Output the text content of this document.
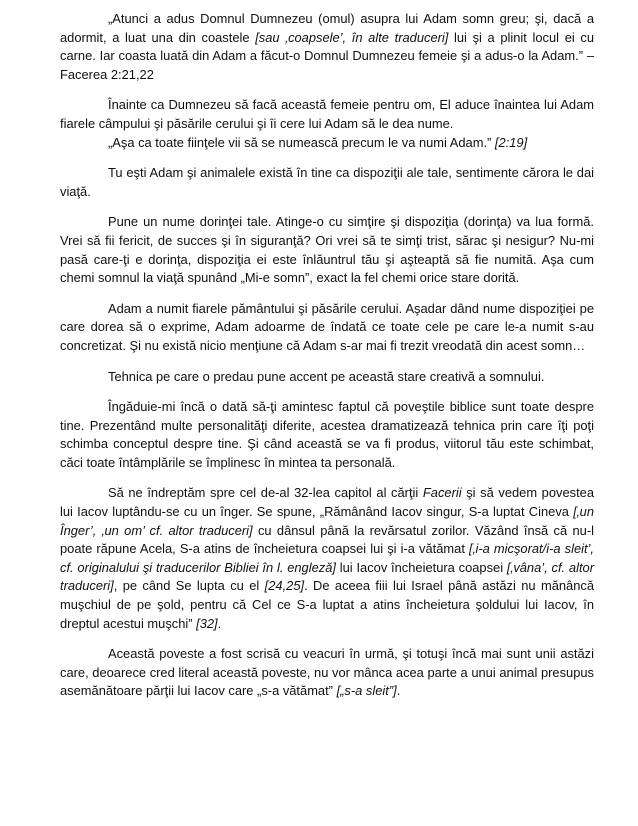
„Atunci a adus Domnul Dumnezeu (omul) asupra lui Adam somn greu; şi, dacă a adormit, a luat una din coastele [sau ‚coapsele’, în alte traduceri] lui şi a plinit locul ei cu carne. Iar coasta luată din Adam a făcut-o Domnul Dumnezeu femeie şi a adus-o la Adam.” – Facerea 2:21,22

Înainte ca Dumnezeu să facă această femeie pentru om, El aduce înaintea lui Adam fiarele câmpului şi păsările cerului şi îi cere lui Adam să le dea nume.

„Aşa ca toate fiinţele vii să se numească precum le va numi Adam.” [2:19]

Tu eşti Adam şi animalele există în tine ca dispoziţii ale tale, sentimente cărora le dai viaţă.

Pune un nume dorinţei tale. Atinge-o cu simţire şi dispoziţia (dorinţa) va lua formă. Vrei să fii fericit, de succes şi în siguranţă? Ori vrei să te simţi trist, sărac şi nesigur? Nu-mi pasă care-ţi e dorinţa, dispoziţia ei este înlăuntrul tău şi aşteaptă să fie numită. Aşa cum chemi somnul la viaţă spunând „Mi-e somn”, exact la fel chemi orice stare dorită.

Adam a numit fiarele pământului şi păsările cerului. Aşadar dând nume dispoziţiei pe care dorea să o exprime, Adam adoarme de îndată ce toate cele pe care le-a numit s-au concretizat. Şi nu există nicio menţiune că Adam s-ar mai fi trezit vreodată din acest somn…

Tehnica pe care o predau pune accent pe această stare creativă a somnului.

Îngăduie-mi încă o dată să-ţi amintesc faptul că poveştile biblice sunt toate despre tine. Prezentând multe personalităţi diferite, acestea dramatizează tehnica prin care îţi poţi schimba conceptul despre tine. Şi când această se va fi produs, viitorul tău este schimbat, căci toate întâmplările se împlinesc în mintea ta personală.

Să ne îndreptăm spre cel de-al 32-lea capitol al cărţii Facerii şi să vedem povestea lui Iacov luptându-se cu un înger. Se spune, „Rămânând Iacov singur, S-a luptat Cineva [‚un Înger’, ‚un om’ cf. altor traduceri] cu dânsul până la revărsatul zorilor. Văzând însă că nu-l poate răpune Acela, S-a atins de încheietura coapsei lui şi i-a vătămat [‚i-a micşorat/i-a sleit’, cf. originalului şi traducerilor Bibliei în l. engleză] lui Iacov încheietura coapsei [‚vâna’, cf. altor traduceri], pe când Se lupta cu el [24,25]. De aceea fiii lui Israel până astăzi nu mănâncă muşchiul de pe şold, pentru că Cel ce S-a luptat a atins încheietura şoldului lui Iacov, în dreptul acestui muşchi” [32].

Această poveste a fost scrisă cu veacuri în urmă, şi totuşi încă mai sunt unii astăzi care, deoarece cred literal această poveste, nu vor mânca acea parte a unui animal presupus asemănătoare părţii lui Iacov care „s-a vătămat” [„s-a sleit”].
